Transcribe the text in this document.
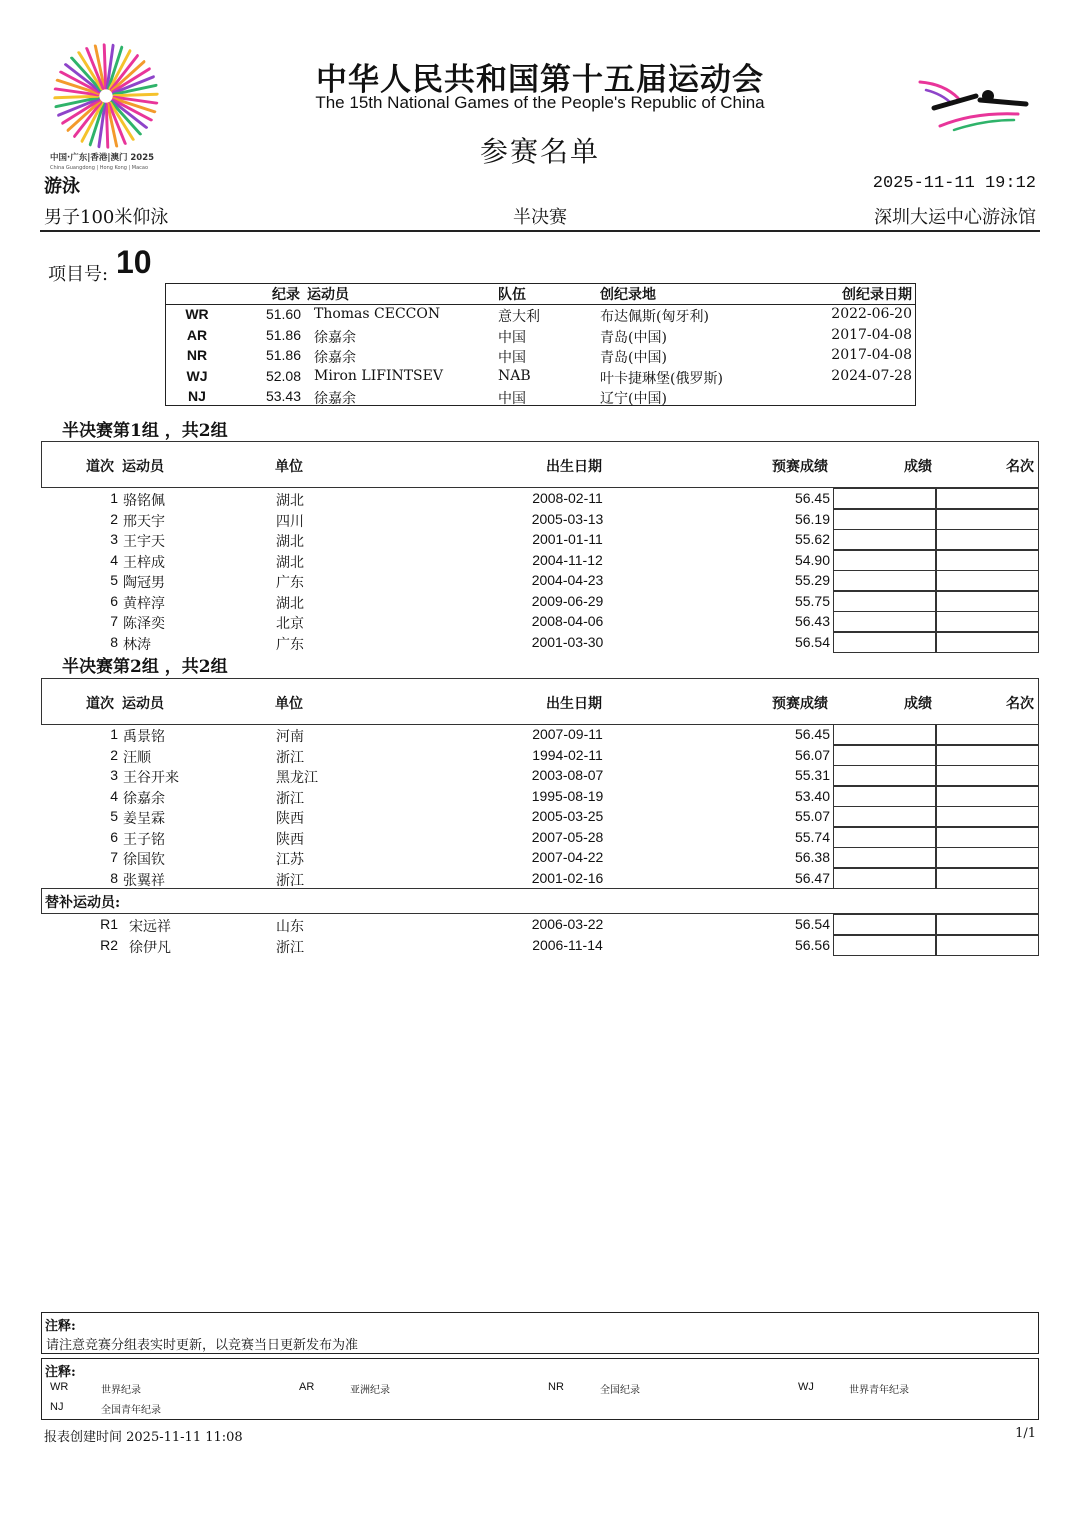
中国·广东|香港|澳门 2025
China Guangdong | Hong Kong | Macao
中华人民共和国第十五届运动会
The 15th National Games of the People's Republic of China
参赛名单
游泳	2025-11-11 19:12
男子100米仰泳	半决赛	深圳大运中心游泳馆
项目号: 10
纪录 运动员	队伍	创纪录地	创纪录日期
WR	51.60 Thomas CECCON	意大利	布达佩斯(匈牙利)	2022-06-20
AR	51.86 徐嘉余	中国	青岛(中国)	2017-04-08
NR	51.86 徐嘉余	中国	青岛(中国)	2017-04-08
WJ	52.08 Miron LIFINTSEV	NAB	叶卡捷琳堡(俄罗斯)	2024-07-28
NJ	53.43 徐嘉余	中国	辽宁(中国)
半决赛第1组 ，共2组
道次 运动员	单位	出生日期	预赛成绩	成绩	名次
1 骆铭佩	湖北	2008-02-11	56.45
2 邢天宇	四川	2005-03-13	56.19
3 王宇天	湖北	2001-01-11	55.62
4 王梓成	湖北	2004-11-12	54.90
5 陶冠男	广东	2004-04-23	55.29
6 黄梓淳	湖北	2009-06-29	55.75
7 陈泽奕	北京	2008-04-06	56.43
8 林涛	广东	2001-03-30	56.54
半决赛第2组 ，共2组
道次 运动员	单位	出生日期	预赛成绩	成绩	名次
1 禹景铭	河南	2007-09-11	56.45
2 汪顺	浙江	1994-02-11	56.07
3 王谷开来	黑龙江	2003-08-07	55.31
4 徐嘉余	浙江	1995-08-19	53.40
5 姜呈霖	陕西	2005-03-25	55.07
6 王子铭	陕西	2007-05-28	55.74
7 徐国钦	江苏	2007-04-22	56.38
8 张翼祥	浙江	2001-02-16	56.47
替补运动员:
R1 宋远祥	山东	2006-03-22	56.54
R2 徐伊凡	浙江	2006-11-14	56.56
注释:
请注意竞赛分组表实时更新，以竞赛当日更新发布为准
注释:
WR	世界纪录	AR	亚洲纪录	NR	全国纪录	WJ	世界青年纪录
NJ	全国青年纪录
报表创建时间 2025-11-11 11:08	1/1
